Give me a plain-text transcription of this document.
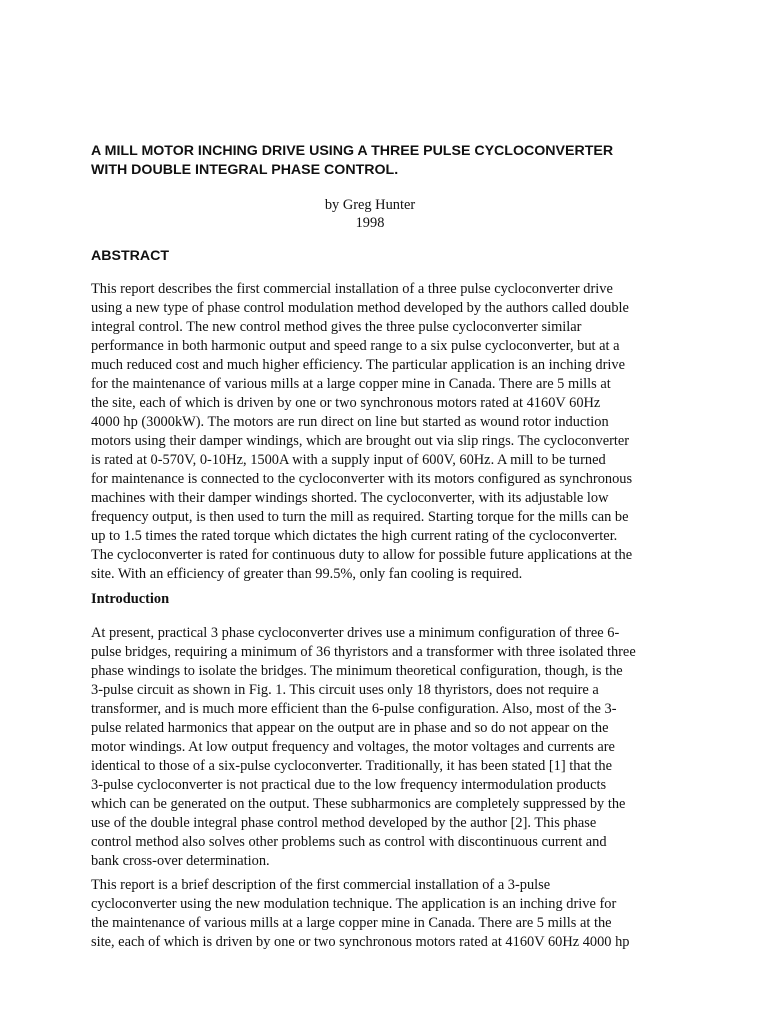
A MILL MOTOR INCHING DRIVE USING A THREE PULSE CYCLOCONVERTER
WITH DOUBLE INTEGRAL PHASE CONTROL.
by Greg Hunter
1998
ABSTRACT

This report describes the first commercial installation of a three pulse cycloconverter drive
using a new type of phase control modulation method developed by the authors called double
integral control. The new control method gives the three pulse cycloconverter similar
performance in both harmonic output and speed range to a six pulse cycloconverter, but at a
much reduced cost and much higher efficiency. The particular application is an inching drive
for the maintenance of various mills at a large copper mine in Canada. There are 5 mills at
the site, each of which is driven by one or two synchronous motors rated at 4160V 60Hz
4000 hp (3000kW). The motors are run direct on line but started as wound rotor induction
motors using their damper windings, which are brought out via slip rings. The cycloconverter
is rated at 0-570V, 0-10Hz, 1500A with a supply input of 600V, 60Hz. A mill to be turned
for maintenance is connected to the cycloconverter with its motors configured as synchronous
machines with their damper windings shorted. The cycloconverter, with its adjustable low
frequency output, is then used to turn the mill as required. Starting torque for the mills can be
up to 1.5 times the rated torque which dictates the high current rating of the cycloconverter.
The cycloconverter is rated for continuous duty to allow for possible future applications at the
site. With an efficiency of greater than 99.5%, only fan cooling is required.

Introduction

At present, practical 3 phase cycloconverter drives use a minimum configuration of three 6-
pulse bridges, requiring a minimum of 36 thyristors and a transformer with three isolated three
phase windings to isolate the bridges. The minimum theoretical configuration, though, is the
3-pulse circuit as shown in Fig. 1. This circuit uses only 18 thyristors, does not require a
transformer, and is much more efficient than the 6-pulse configuration. Also, most of the 3-
pulse related harmonics that appear on the output are in phase and so do not appear on the
motor windings. At low output frequency and voltages, the motor voltages and currents are
identical to those of a six-pulse cycloconverter. Traditionally, it has been stated [1] that the
3-pulse cycloconverter is not practical due to the low frequency intermodulation products
which can be generated on the output. These subharmonics are completely suppressed by the
use of the double integral phase control method developed by the author [2]. This phase
control method also solves other problems such as control with discontinuous current and
bank cross-over determination.

This report is a brief description of the first commercial installation of a 3-pulse
cycloconverter using the new modulation technique. The application is an inching drive for
the maintenance of various mills at a large copper mine in Canada. There are 5 mills at the
site, each of which is driven by one or two synchronous motors rated at 4160V 60Hz 4000 hp
